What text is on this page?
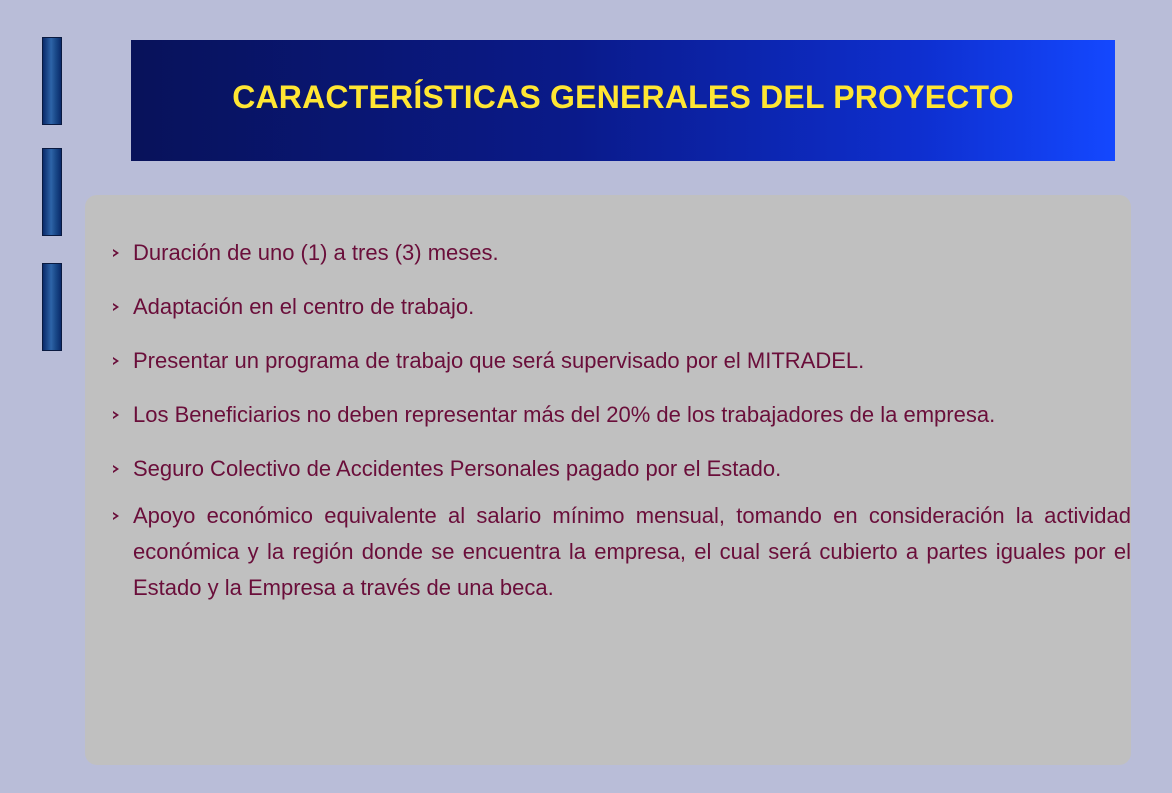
CARACTERÍSTICAS GENERALES DEL PROYECTO
Duración de uno (1) a tres (3) meses.
Adaptación en el centro de trabajo.
Presentar un programa de trabajo que será supervisado por el MITRADEL.
Los Beneficiarios no deben representar más del 20% de los trabajadores de la empresa.
Seguro Colectivo de Accidentes Personales pagado por el Estado.
Apoyo económico equivalente al salario mínimo mensual, tomando en consideración la actividad económica y la región donde se encuentra la empresa, el cual será cubierto a partes iguales por el Estado y la Empresa a través de una beca.
